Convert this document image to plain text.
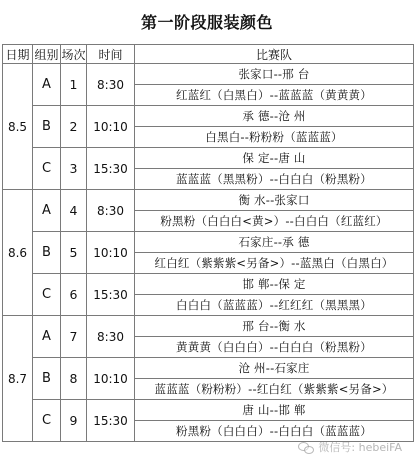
第一阶段服装颜色
日期	组别	场次	时间	比赛队
8.5	A	1	8:30	张家口--邢 台
				红蓝红（白黑白）--蓝蓝蓝（黄黄黄）
	B	2	10:10	承 德--沧 州
				白黑白--粉粉粉（蓝蓝蓝）
	C	3	15:30	保 定--唐 山
				蓝蓝蓝（黑黑粉）--白白白（粉黑粉）
8.6	A	4	8:30	衡 水--张家口
				粉黑粉（白白白<黄>）--白白白（红蓝红）
	B	5	10:10	石家庄--承 德
				红白红（紫紫紫<另备>）--蓝黑白（白黑白）
	C	6	15:30	邯 郸--保 定
				白白白（蓝蓝蓝）--红红红（黑黑黑）
8.7	A	7	8:30	邢 台--衡 水
				黄黄黄（白白白）--白白白（粉黑粉）
	B	8	10:10	沧 州--石家庄
				蓝蓝蓝（粉粉粉）--红白红（紫紫紫<另备>）
	C	9	15:30	唐 山--邯 郸
				粉黑粉（白白白）--白白白（蓝蓝蓝）
微信号: hebeiFA
